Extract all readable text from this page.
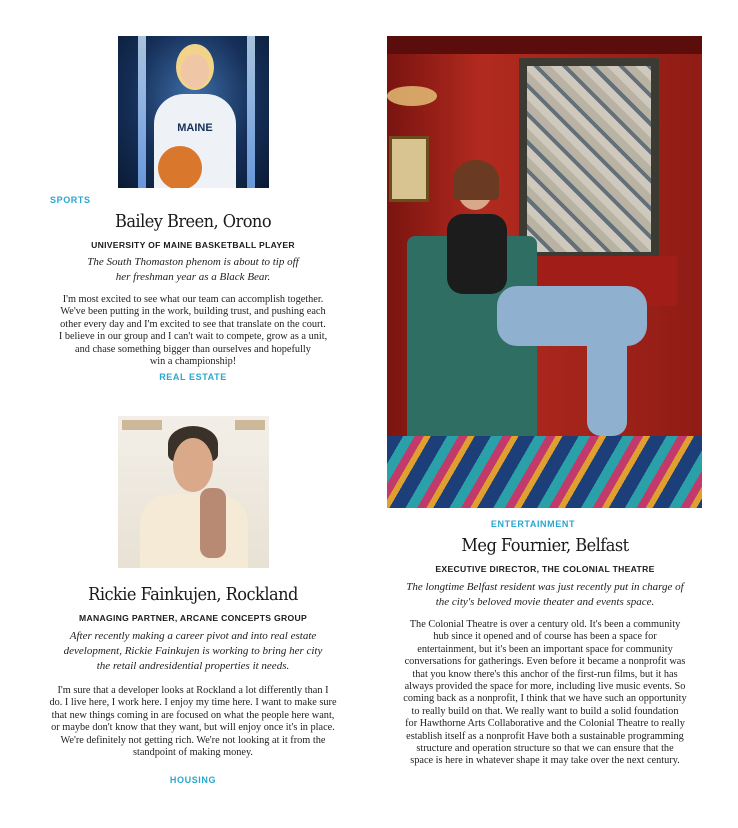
MAINE
SPORTS
Bailey Breen, Orono
UNIVERSITY OF MAINE BASKETBALL PLAYER
The South Thomaston phenom is about to tip off
her freshman year as a Black Bear.
I'm most excited to see what our team can accomplish together.
We've been putting in the work, building trust, and pushing each
other every day and I'm excited to see that translate on the court.
I believe in our group and I can't wait to compete, grow as a unit,
and chase something bigger than ourselves and hopefully
win a championship!
REAL ESTATE
Rickie Fainkujen, Rockland
MANAGING PARTNER, ARCANE CONCEPTS GROUP
After recently making a career pivot and into real estate
development, Rickie Fainkujen is working to bring her city
the retail andresidential properties it needs.
I'm sure that a developer looks at Rockland a lot differently than I
do. I live here, I work here. I enjoy my time here. I want to make sure
that new things coming in are focused on what the people here want,
or maybe don't know that they want, but will enjoy once it's in place.
We're definitely not getting rich. We're not looking at it from the
standpoint of making money.
HOUSING
ENTERTAINMENT
Meg Fournier, Belfast
EXECUTIVE DIRECTOR, THE COLONIAL THEATRE
The longtime Belfast resident was just recently put in charge of
the city's beloved movie theater and events space.
The Colonial Theatre is over a century old. It's been a community
hub since it opened and of course has been a space for
entertainment, but it's been an important space for community
conversations for gatherings. Even before it became a nonprofit was
that you know there's this anchor of the first-run films, but it has
always provided the space for more, including live music events. So
coming back as a nonprofit, I think that we have such an opportunity
to really build on that. We really want to build a solid foundation
for Hawthorne Arts Collaborative and the Colonial Theatre to really
establish itself as a nonprofit Have both a sustainable programming
structure and operation structure so that we can ensure that the
space is here in whatever shape it may take over the next century.
